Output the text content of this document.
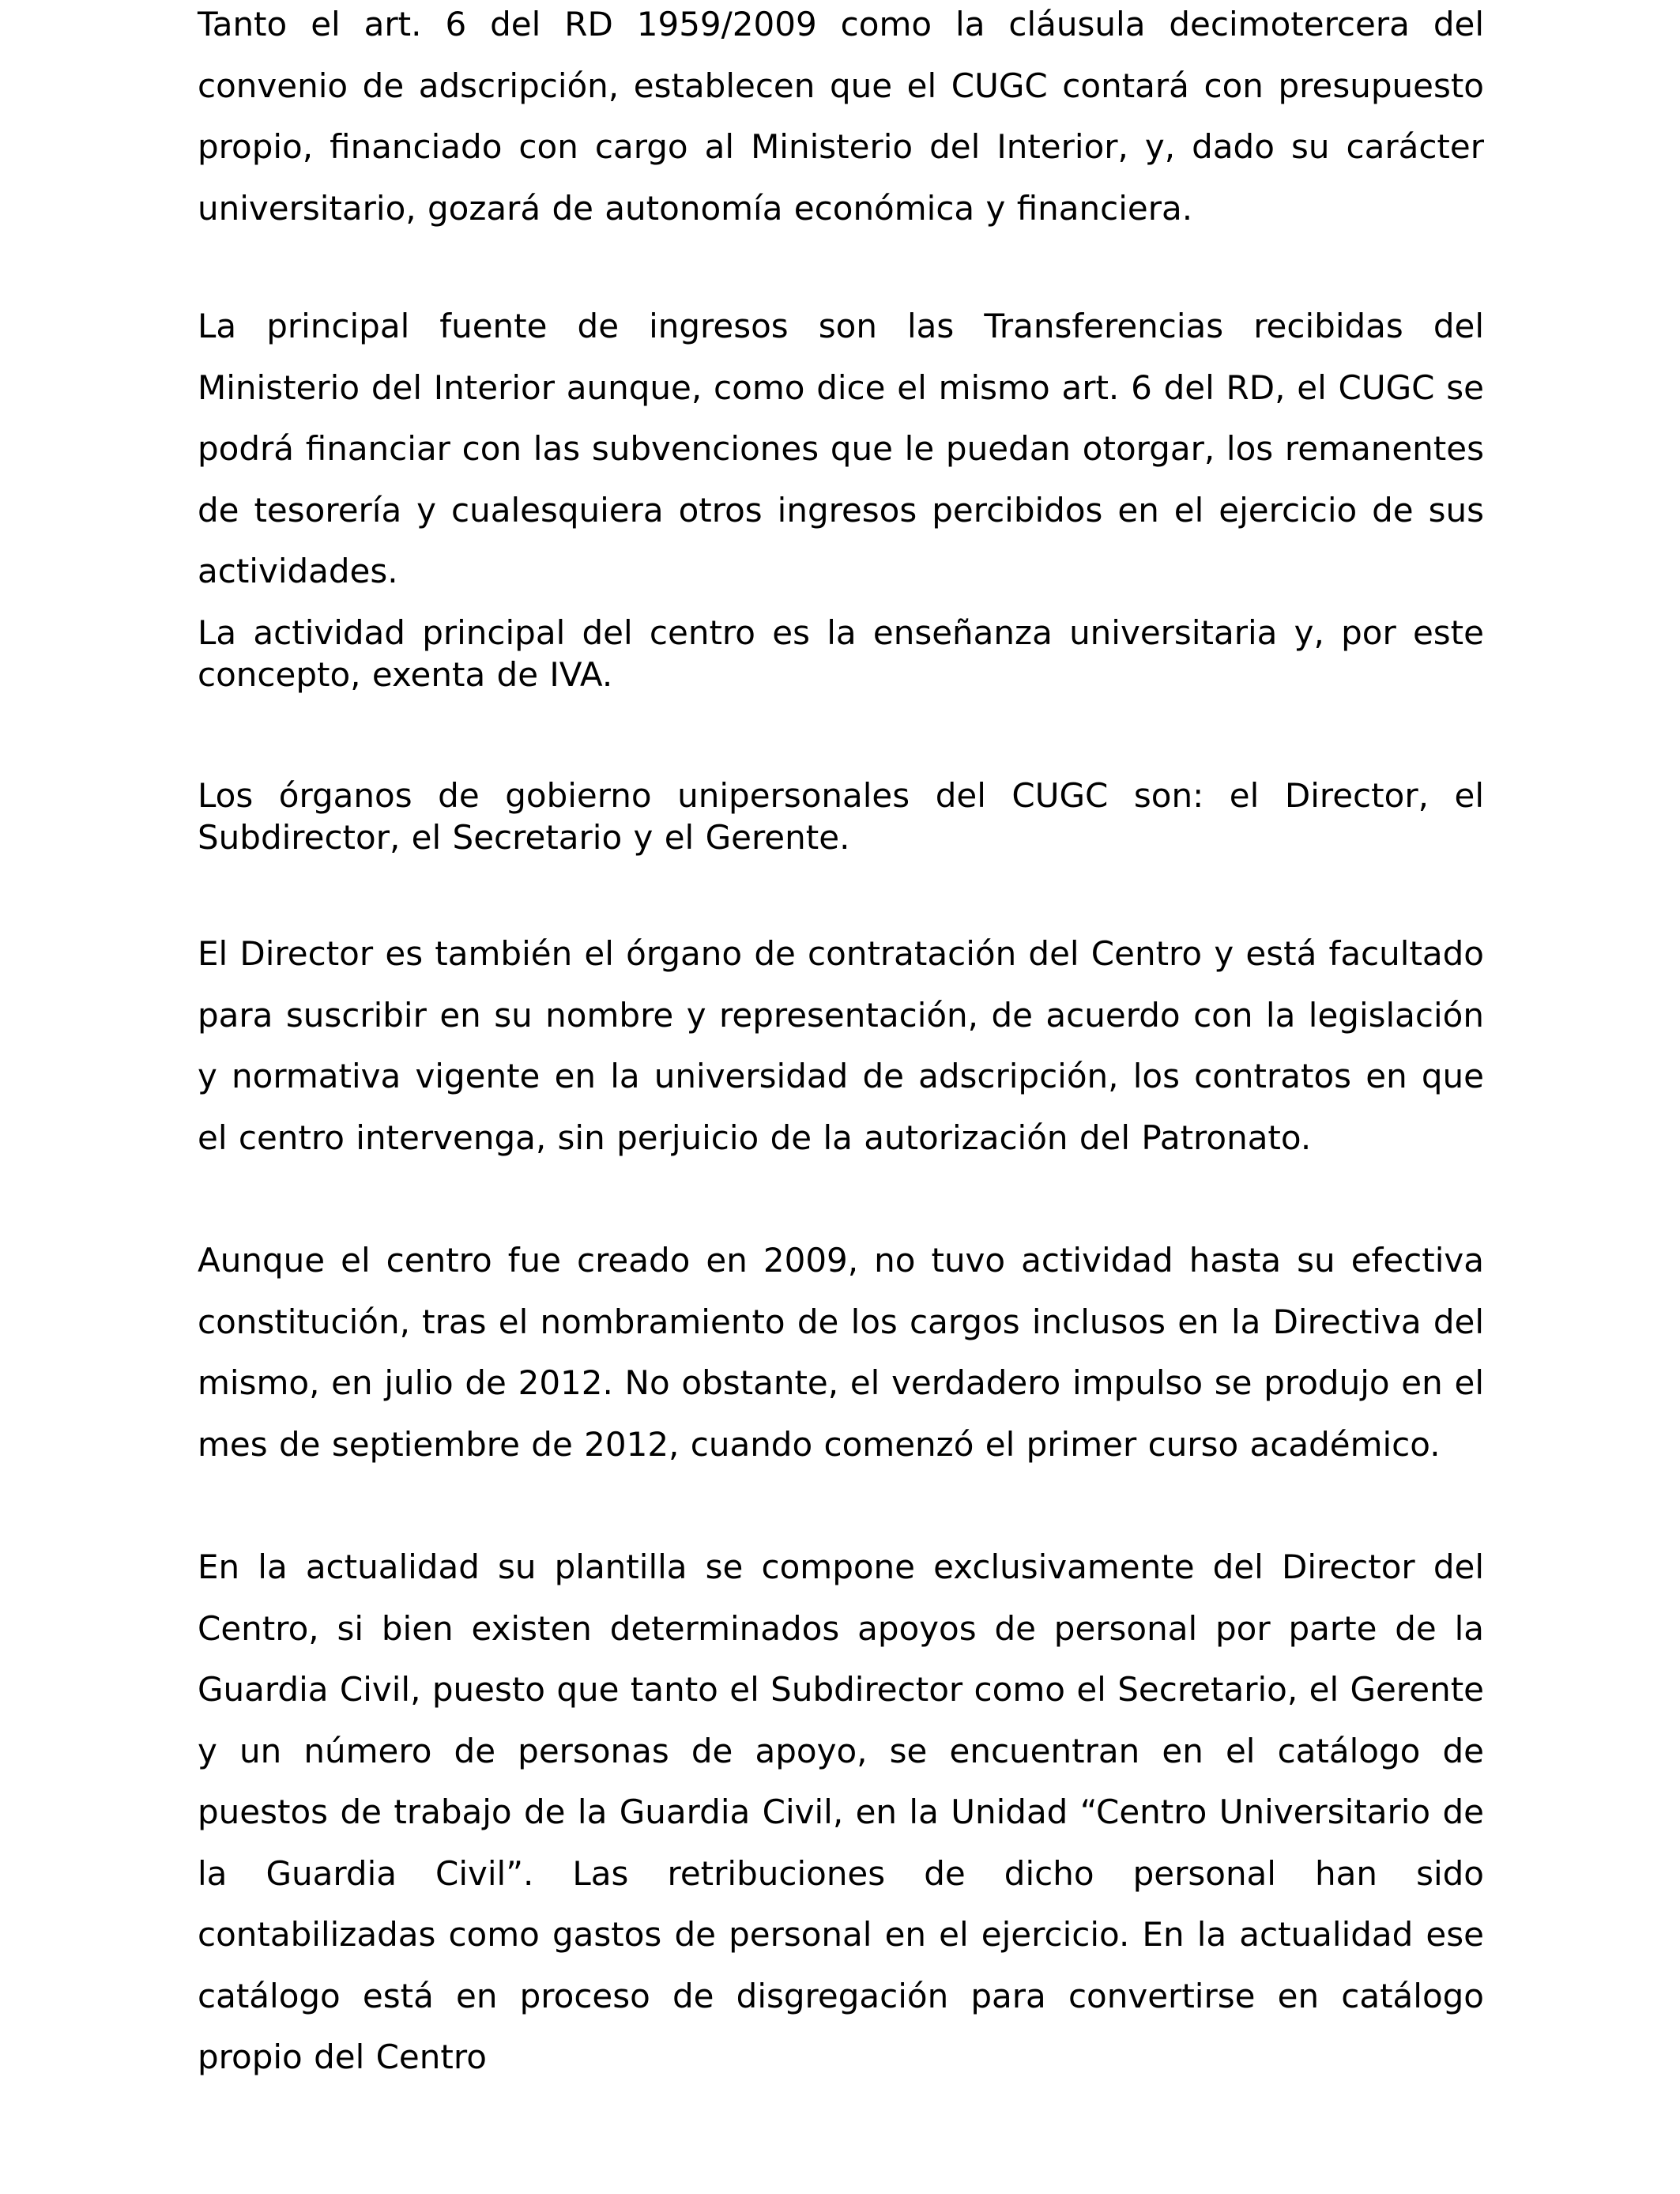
Tanto el art. 6 del RD 1959/2009 como la cláusula decimotercera del convenio de adscripción, establecen que el CUGC contará con presupuesto propio, financiado con cargo al Ministerio del Interior, y, dado su carácter universitario, gozará de autonomía económica y financiera.

La principal fuente de ingresos son las Transferencias recibidas del Ministerio del Interior aunque, como dice el mismo art. 6 del RD, el CUGC se podrá financiar con las subvenciones que le puedan otorgar, los remanentes de tesorería y cualesquiera otros ingresos percibidos en el ejercicio de sus actividades.

La actividad principal del centro es la enseñanza universitaria y, por este concepto, exenta de IVA.

Los órganos de gobierno unipersonales del CUGC son: el Director, el Subdirector, el Secretario y el Gerente.

El Director es también el órgano de contratación del Centro y está facultado para suscribir en su nombre y representación, de acuerdo con la legislación y normativa vigente en la universidad de adscripción, los contratos en que el centro intervenga, sin perjuicio de la autorización del Patronato.

Aunque el centro fue creado en 2009, no tuvo actividad hasta su efectiva constitución, tras el nombramiento de los cargos inclusos en la Directiva del mismo, en julio de 2012. No obstante, el verdadero impulso se produjo en el mes de septiembre de 2012, cuando comenzó el primer curso académico.

En la actualidad su plantilla se compone exclusivamente del Director del Centro, si bien existen determinados apoyos de personal por parte de la Guardia Civil, puesto que tanto el Subdirector como el Secretario, el Gerente y un número de personas de apoyo, se encuentran en el catálogo de puestos de trabajo de la Guardia Civil, en la Unidad “Centro Universitario de la Guardia Civil”. Las retribuciones de dicho personal han sido contabilizadas como gastos de personal en el ejercicio. En la actualidad ese catálogo está en proceso de disgregación para convertirse en catálogo propio del Centro
